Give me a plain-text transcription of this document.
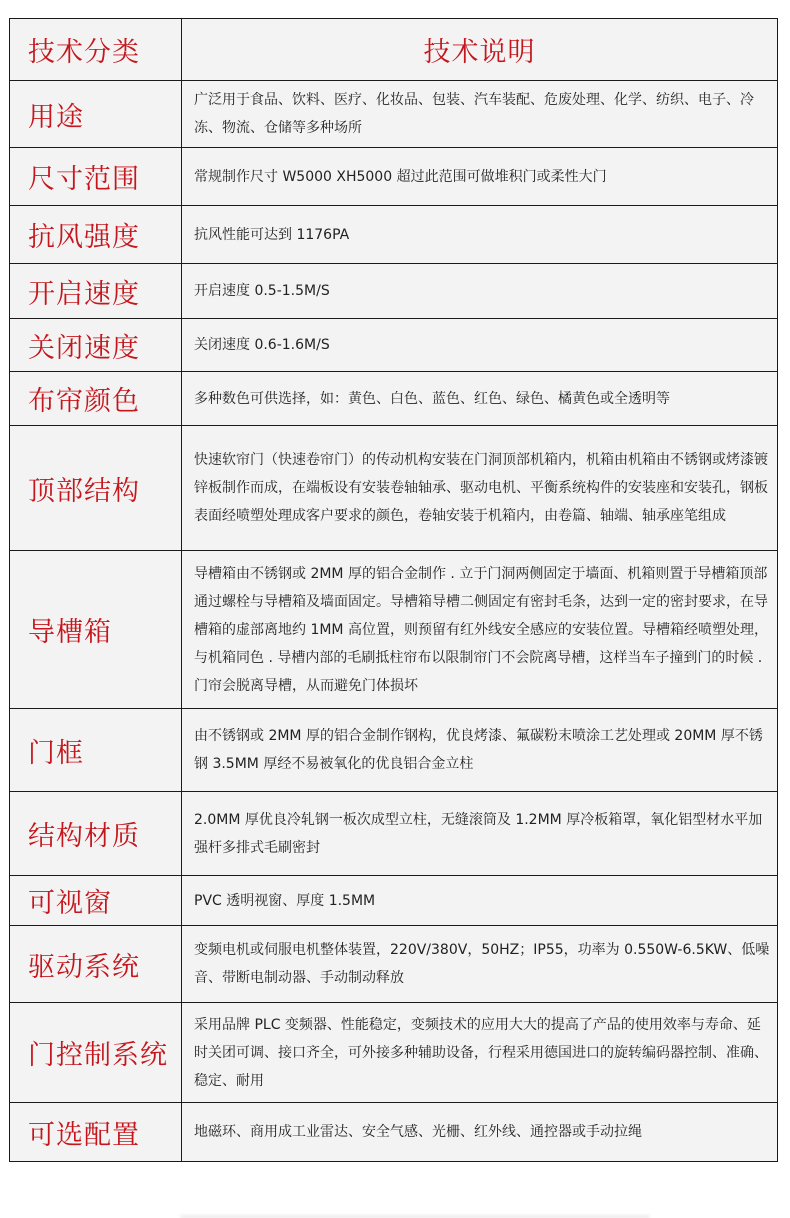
技术分类	技术说明
用途	广泛用于食品、饮料、医疗、化妆品、包装、汽车装配、危废处理、化学、纺织、电子、冷冻、物流、仓储等多种场所
尺寸范围	常规制作尺寸 W5000 XH5000 超过此范围可做堆积门或柔性大门
抗风强度	抗风性能可达到 1176PA
开启速度	开启速度 0.5-1.5M/S
关闭速度	关闭速度 0.6-1.6M/S
布帘颜色	多种数色可供选择，如：黄色、白色、蓝色、红色、绿色、橘黄色或全透明等
顶部结构	快速软帘门（快速卷帘门）的传动机构安装在门洞顶部机箱内，机箱由机箱由不锈钢或烤漆镀锌板制作而成，在端板设有安装卷轴轴承、驱动电机、平衡系统构件的安装座和安装孔，钢板表面经喷塑处理成客户要求的颜色，卷轴安装于机箱内，由卷篇、轴端、轴承座笔组成
导槽箱	导槽箱由不锈钢或 2MM 厚的铝合金制作 . 立于门洞两侧固定于墙面、机箱则置于导槽箱顶部通过螺栓与导槽箱及墙面固定。导槽箱导槽二侧固定有密封毛条，达到一定的密封要求，在导槽箱的虚部离地约 1MM 高位置，则预留有红外线安全感应的安装位置。导槽箱经喷塑处理，与机箱同色 . 导槽内部的毛刷抵柱帘布以限制帘门不会院离导槽，这样当车子撞到门的时候 . 门帘会脱离导槽，从而避免门体损坏
门框	由不锈钢或 2MM 厚的铝合金制作钢构，优良烤漆、氟碳粉末喷涂工艺处理或 20MM 厚不锈钢 3.5MM 厚经不易被氧化的优良铝合金立柱
结构材质	2.0MM 厚优良冷轧钢一板次成型立柱，无缝滚筒及 1.2MM 厚冷板箱罩，氧化铝型材水平加强杆多排式毛刷密封
可视窗	PVC 透明视窗、厚度 1.5MM
驱动系统	变频电机或伺服电机整体装置，220V/380V，50HZ；IP55，功率为 0.550W-6.5KW、低噪音、带断电制动器、手动制动释放
门控制系统	采用品牌 PLC 变频器、性能稳定，变频技术的应用大大的提高了产品的使用效率与寿命、延时关团可调、接口齐全，可外接多种辅助设备，行程采用德国进口的旋转编码器控制、准确、稳定、耐用
可选配置	地磁环、商用成工业雷达、安全气感、光栅、红外线、通控器或手动拉绳
